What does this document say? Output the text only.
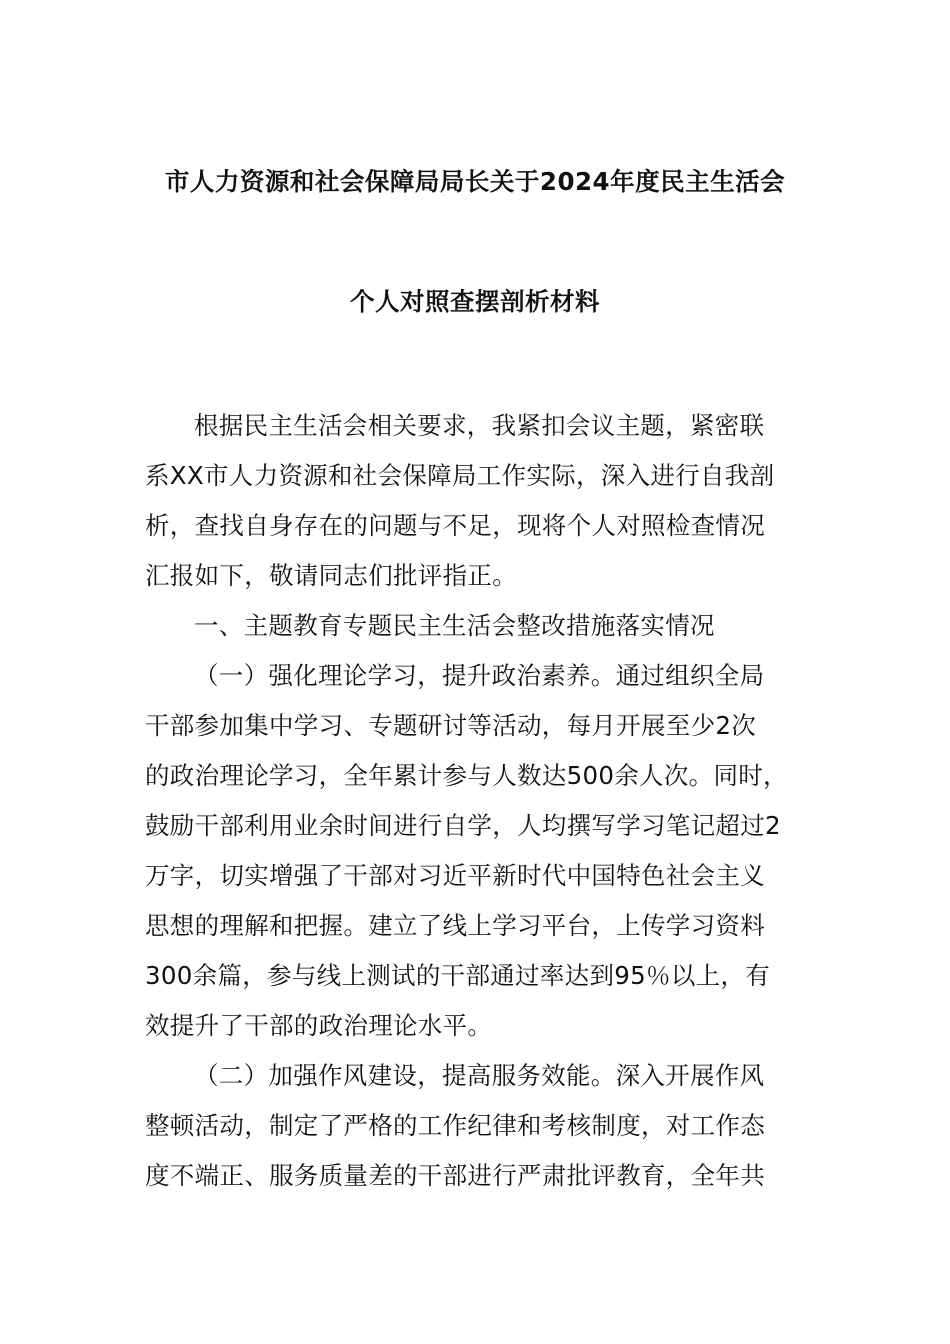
市人力资源和社会保障局局长关于2024年度民主生活会
个人对照查摆剖析材料
根据民主生活会相关要求，我紧扣会议主题，紧密联
系XX市人力资源和社会保障局工作实际，深入进行自我剖
析，查找自身存在的问题与不足，现将个人对照检查情况
汇报如下，敬请同志们批评指正。
一、主题教育专题民主生活会整改措施落实情况
（一）强化理论学习，提升政治素养。通过组织全局
干部参加集中学习、专题研讨等活动，每月开展至少2次
的政治理论学习，全年累计参与人数达500余人次。同时，
鼓励干部利用业余时间进行自学，人均撰写学习笔记超过2
万字，切实增强了干部对习近平新时代中国特色社会主义
思想的理解和把握。建立了线上学习平台，上传学习资料
300余篇，参与线上测试的干部通过率达到95％以上，有
效提升了干部的政治理论水平。
（二）加强作风建设，提高服务效能。深入开展作风
整顿活动，制定了严格的工作纪律和考核制度，对工作态
度不端正、服务质量差的干部进行严肃批评教育，全年共
